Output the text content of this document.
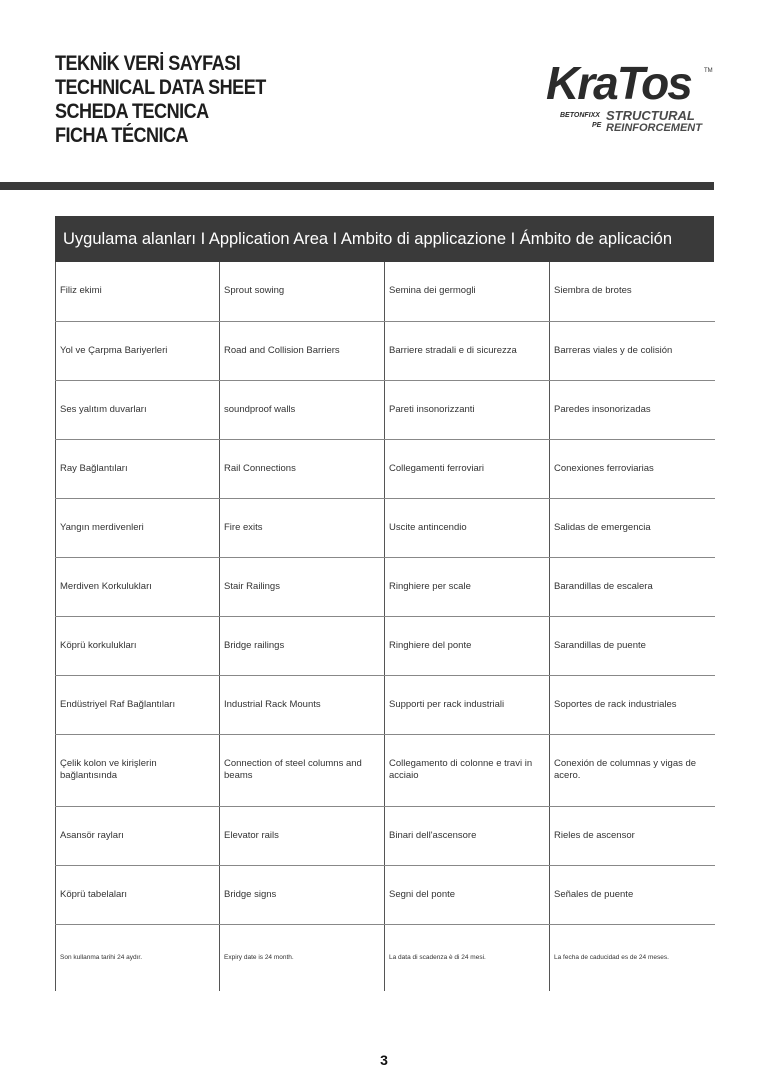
TEKNİK VERİ SAYFASI
TECHNICAL DATA SHEET
SCHEDA TECNICA
FICHA TÉCNICA
KraTos TM
BETONFIXX STRUCTURAL
PE REINFORCEMENT
Uygulama alanları I Application Area I Ambito di applicazione I Ámbito de aplicación
Filiz ekimi	Sprout sowing	Semina dei germogli	Siembra de brotes
Yol ve Çarpma Bariyerleri	Road and Collision Barriers	Barriere stradali e di sicurezza	Barreras viales y de colisión
Ses yalıtım duvarları	soundproof walls	Pareti insonorizzanti	Paredes insonorizadas
Ray Bağlantıları	Rail Connections	Collegamenti ferroviari	Conexiones ferroviarias
Yangın merdivenleri	Fire exits	Uscite antincendio	Salidas de emergencia
Merdiven Korkulukları	Stair Railings	Ringhiere per scale	Barandillas de escalera
Köprü korkulukları	Bridge railings	Ringhiere del ponte	Sarandillas de puente
Endüstriyel Raf Bağlantıları	Industrial Rack Mounts	Supporti per rack industriali	Soportes de rack industriales
Çelik kolon ve kirişlerin bağlantısında	Connection of steel columns and beams	Collegamento di colonne e travi in acciaio	Conexión de columnas y vigas de acero.
Asansör rayları	Elevator rails	Binari dell'ascensore	Rieles de ascensor
Köprü tabelaları	Bridge signs	Segni del ponte	Señales de puente
Son kullanma tarihi 24 aydır.	Expiry date is 24 month.	La data di scadenza è di 24 mesi.	La fecha de caducidad es de 24 meses.
3
